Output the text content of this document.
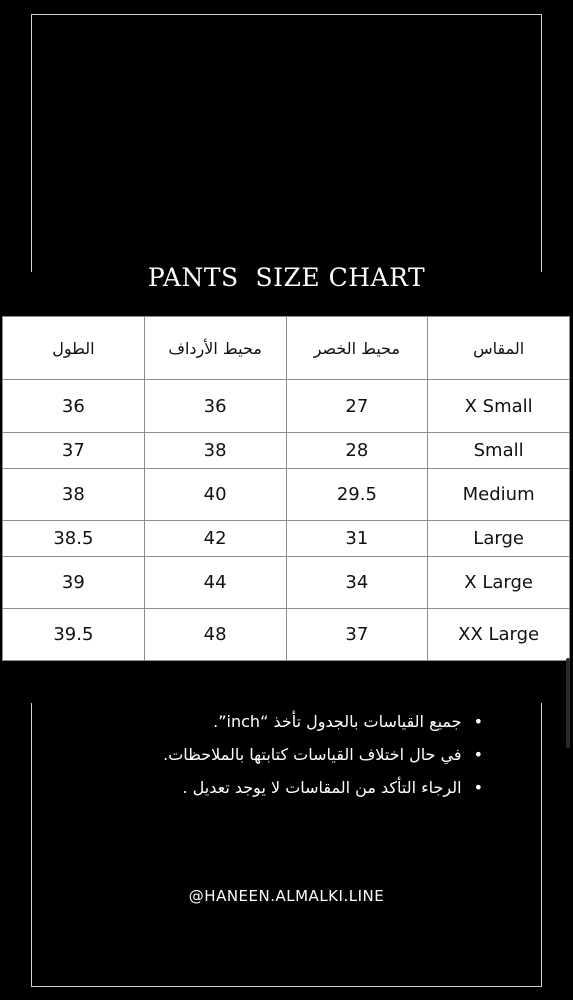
PANTS  SIZE CHART
الطول	محيط الأرداف	محيط الخصر	المقاس
36	36	27	X Small
37	38	28	Small
38	40	29.5	Medium
38.5	42	31	Large
39	44	34	X Large
39.5	48	37	XX Large
• جميع القياسات بالجدول تأخذ “inch”.
• في حال اختلاف القياسات كتابتها بالملاحظات.
• الرجاء التأكد من المقاسات لا يوجد تعديل .
@HANEEN.ALMALKI.LINE
